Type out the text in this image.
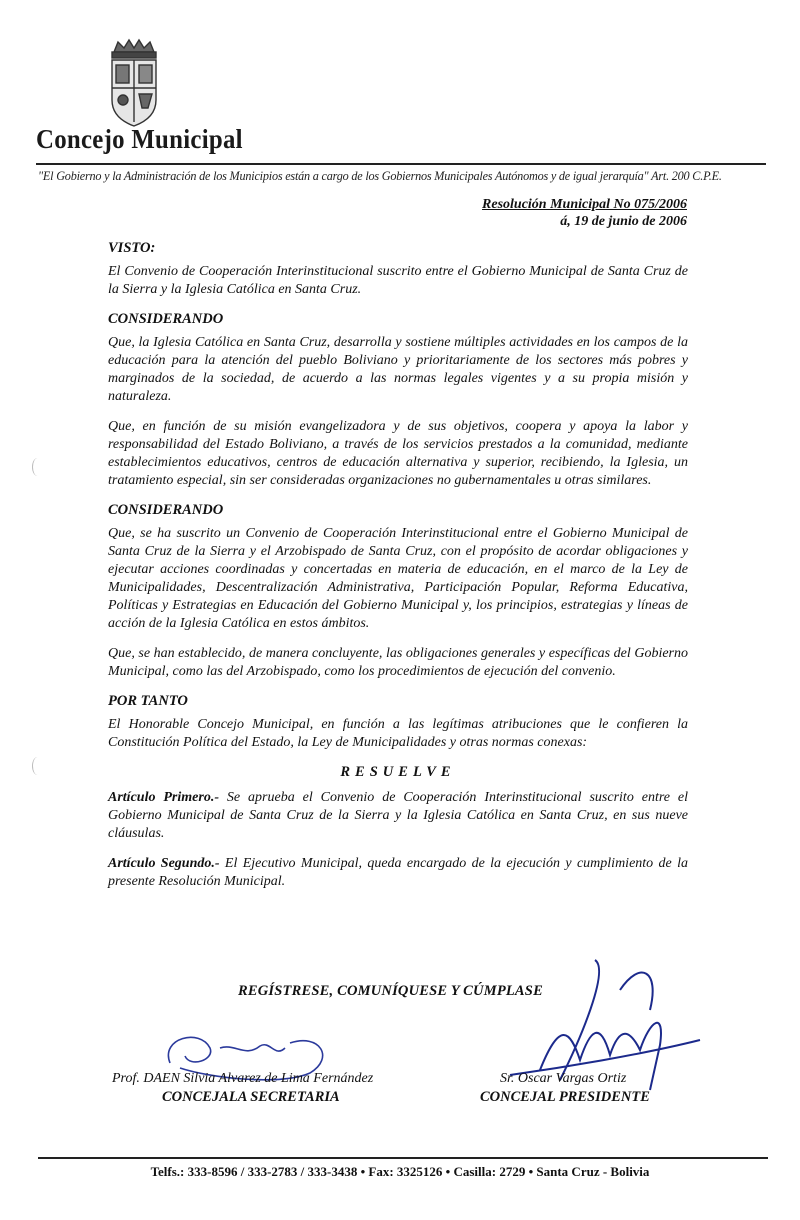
Concejo Municipal
"El Gobierno y la Administración de los Municipios están a cargo de los Gobiernos Municipales Autónomos y de igual jerarquía" Art. 200 C.P.E.
Resolución Municipal No 075/2006
á, 19 de junio de 2006
VISTO:

El Convenio de Cooperación Interinstitucional suscrito entre el Gobierno Municipal de Santa Cruz de la Sierra y la Iglesia Católica en Santa Cruz.

CONSIDERANDO

Que, la Iglesia Católica en Santa Cruz, desarrolla y sostiene múltiples actividades en los campos de la educación para la atención del pueblo Boliviano y prioritariamente de los sectores más pobres y marginados de la sociedad, de acuerdo a las normas legales vigentes y a su propia misión y naturaleza.

Que, en función de su misión evangelizadora y de sus objetivos, coopera y apoya la labor y responsabilidad del Estado Boliviano, a través de los servicios prestados a la comunidad, mediante establecimientos educativos, centros de educación alternativa y superior, recibiendo, la Iglesia, un tratamiento especial, sin ser consideradas organizaciones no gubernamentales u otras similares.

CONSIDERANDO

Que, se ha suscrito un Convenio de Cooperación Interinstitucional entre el Gobierno Municipal de Santa Cruz de la Sierra y el Arzobispado de Santa Cruz, con el propósito de acordar obligaciones y ejecutar acciones coordinadas y concertadas en materia de educación, en el marco de la Ley de Municipalidades, Descentralización Administrativa, Participación Popular, Reforma Educativa, Políticas y Estrategias en Educación del Gobierno Municipal y, los principios, estrategias y líneas de acción de la Iglesia Católica en estos ámbitos.

Que, se han establecido, de manera concluyente, las obligaciones generales y específicas del Gobierno Municipal, como las del Arzobispado, como los procedimientos de ejecución del convenio.

POR TANTO

El Honorable Concejo Municipal, en función a las legítimas atribuciones que le confieren la Constitución Política del Estado, la Ley de Municipalidades y otras normas conexas:

RESUELVE

Artículo Primero.- Se aprueba el Convenio de Cooperación Interinstitucional suscrito entre el Gobierno Municipal de Santa Cruz de la Sierra y la Iglesia Católica en Santa Cruz, en sus nueve cláusulas.

Artículo Segundo.- El Ejecutivo Municipal, queda encargado de la ejecución y cumplimiento de la presente Resolución Municipal.

REGÍSTRESE, COMUNÍQUESE Y CÚMPLASE
Prof. DAEN Silvia Alvarez de Lima Fernández
CONCEJALA SECRETARIA
Sr. Oscar Vargas Ortiz
CONCEJAL PRESIDENTE
Telfs.: 333-8596 / 333-2783 / 333-3438 • Fax: 3325126 • Casilla: 2729 • Santa Cruz - Bolivia
